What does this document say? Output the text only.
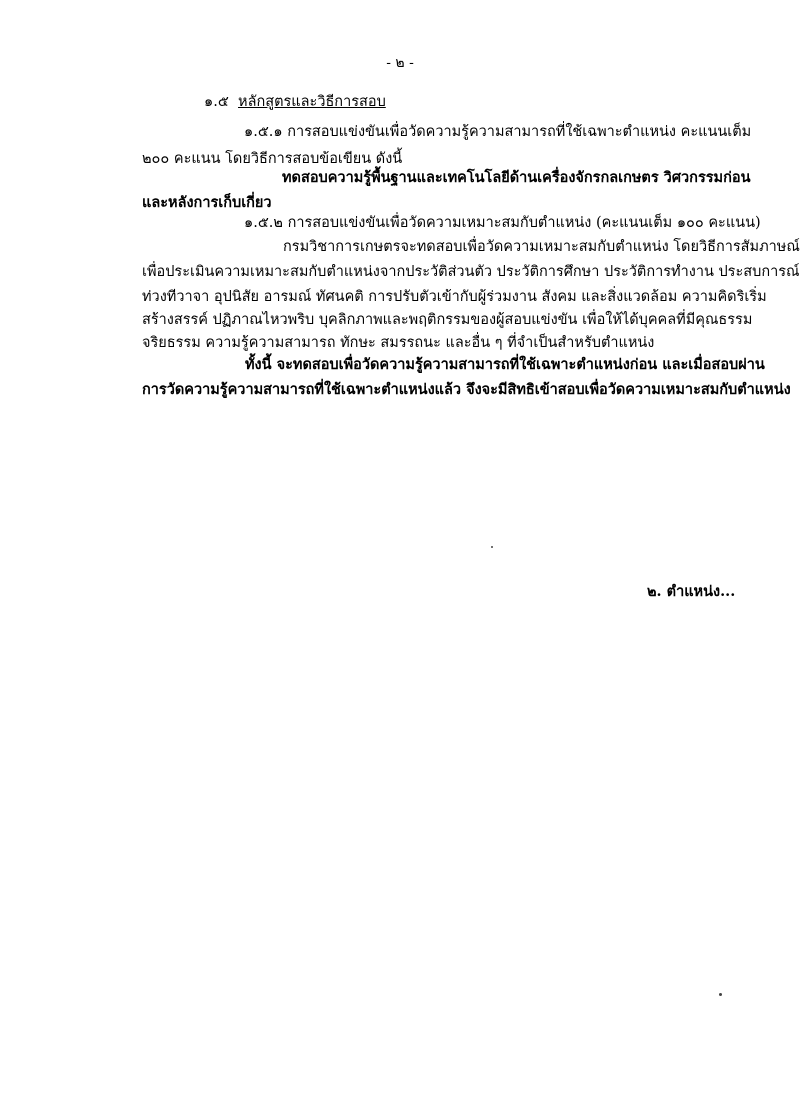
- ๒ -
๑.๕ หลักสูตรและวิธีการสอบ
๑.๕.๑ การสอบแข่งขันเพื่อวัดความรู้ความสามารถที่ใช้เฉพาะตำแหน่ง คะแนนเต็ม
๒๐๐ คะแนน โดยวิธีการสอบข้อเขียน ดังนี้
ทดสอบความรู้พื้นฐานและเทคโนโลยีด้านเครื่องจักรกลเกษตร วิศวกรรมก่อน
และหลังการเก็บเกี่ยว
๑.๕.๒ การสอบแข่งขันเพื่อวัดความเหมาะสมกับตำแหน่ง (คะแนนเต็ม ๑๐๐ คะแนน)
กรมวิชาการเกษตรจะทดสอบเพื่อวัดความเหมาะสมกับตำแหน่ง โดยวิธีการสัมภาษณ์
เพื่อประเมินความเหมาะสมกับตำแหน่งจากประวัติส่วนตัว ประวัติการศึกษา ประวัติการทำงาน ประสบการณ์
ท่วงทีวาจา อุปนิสัย อารมณ์ ทัศนคติ การปรับตัวเข้ากับผู้ร่วมงาน สังคม และสิ่งแวดล้อม ความคิดริเริ่ม
สร้างสรรค์ ปฏิภาณไหวพริบ บุคลิกภาพและพฤติกรรมของผู้สอบแข่งขัน เพื่อให้ได้บุคคลที่มีคุณธรรม
จริยธรรม ความรู้ความสามารถ ทักษะ สมรรถนะ และอื่น ๆ ที่จำเป็นสำหรับตำแหน่ง
ทั้งนี้ จะทดสอบเพื่อวัดความรู้ความสามารถที่ใช้เฉพาะตำแหน่งก่อน และเมื่อสอบผ่าน
การวัดความรู้ความสามารถที่ใช้เฉพาะตำแหน่งแล้ว จึงจะมีสิทธิเข้าสอบเพื่อวัดความเหมาะสมกับตำแหน่ง
๒. ตำแหน่ง...
